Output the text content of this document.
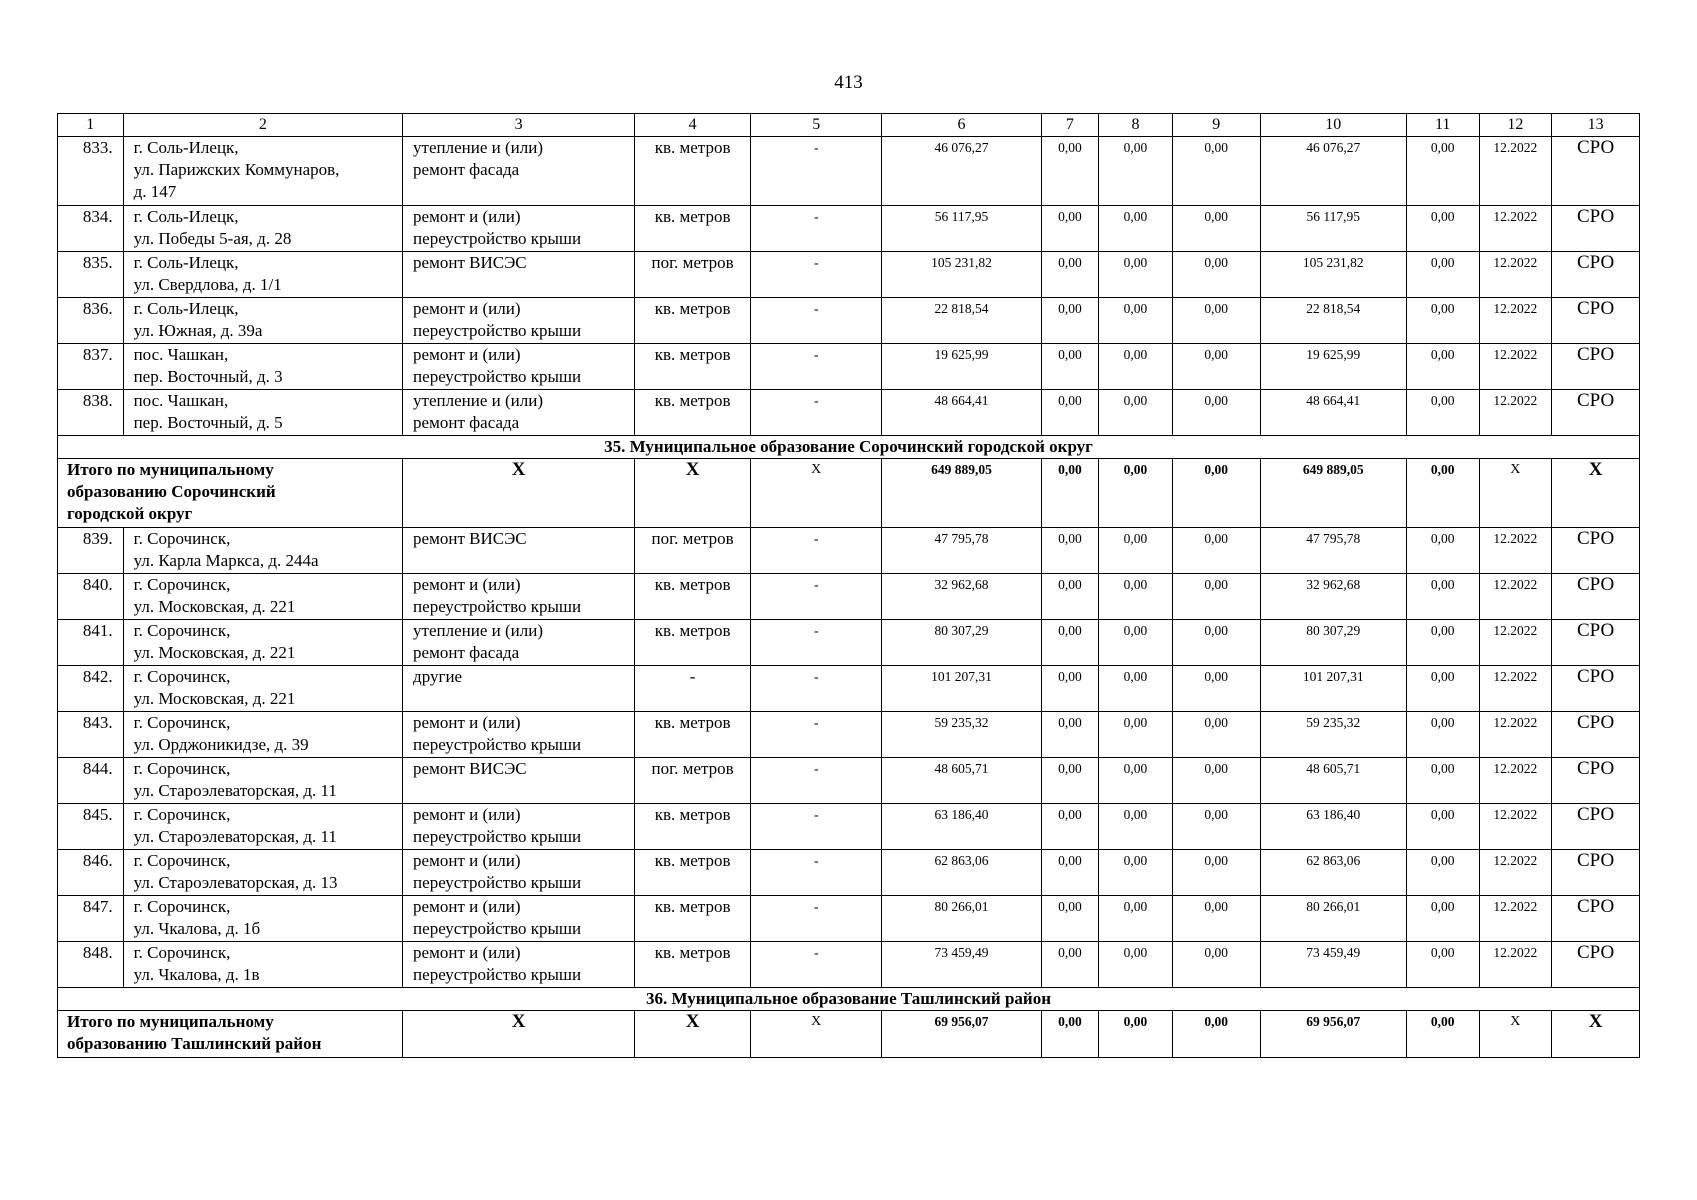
413
1	2	3	4	5	6	7	8	9	10	11	12	13
833.	г. Соль-Илецк,
ул. Парижских Коммунаров,
д. 147	утепление и (или)
ремонт фасада	кв. метров	-	46 076,27	0,00	0,00	0,00	46 076,27	0,00	12.2022	СРО
834.	г. Соль-Илецк,
ул. Победы 5-ая, д. 28	ремонт и (или)
переустройство крыши	кв. метров	-	56 117,95	0,00	0,00	0,00	56 117,95	0,00	12.2022	СРО
835.	г. Соль-Илецк,
ул. Свердлова, д. 1/1	ремонт ВИСЭС	пог. метров	-	105 231,82	0,00	0,00	0,00	105 231,82	0,00	12.2022	СРО
836.	г. Соль-Илецк,
ул. Южная, д. 39а	ремонт и (или)
переустройство крыши	кв. метров	-	22 818,54	0,00	0,00	0,00	22 818,54	0,00	12.2022	СРО
837.	пос. Чашкан,
пер. Восточный, д. 3	ремонт и (или)
переустройство крыши	кв. метров	-	19 625,99	0,00	0,00	0,00	19 625,99	0,00	12.2022	СРО
838.	пос. Чашкан,
пер. Восточный, д. 5	утепление и (или)
ремонт фасада	кв. метров	-	48 664,41	0,00	0,00	0,00	48 664,41	0,00	12.2022	СРО
35. Муниципальное образование Сорочинский городской округ												

Итого по муниципальному
образованию Сорочинский
городской округ		Х	Х	Х	649 889,05	0,00	0,00	0,00	649 889,05	0,00	Х	Х
839.	г. Сорочинск,
ул. Карла Маркса, д. 244а	ремонт ВИСЭС	пог. метров	-	47 795,78	0,00	0,00	0,00	47 795,78	0,00	12.2022	СРО
840.	г. Сорочинск,
ул. Московская, д. 221	ремонт и (или)
переустройство крыши	кв. метров	-	32 962,68	0,00	0,00	0,00	32 962,68	0,00	12.2022	СРО
841.	г. Сорочинск,
ул. Московская, д. 221	утепление и (или)
ремонт фасада	кв. метров	-	80 307,29	0,00	0,00	0,00	80 307,29	0,00	12.2022	СРО
842.	г. Сорочинск,
ул. Московская, д. 221	другие	-	-	101 207,31	0,00	0,00	0,00	101 207,31	0,00	12.2022	СРО
843.	г. Сорочинск,
ул. Орджоникидзе, д. 39	ремонт и (или)
переустройство крыши	кв. метров	-	59 235,32	0,00	0,00	0,00	59 235,32	0,00	12.2022	СРО
844.	г. Сорочинск,
ул. Староэлеваторская, д. 11	ремонт ВИСЭС	пог. метров	-	48 605,71	0,00	0,00	0,00	48 605,71	0,00	12.2022	СРО
845.	г. Сорочинск,
ул. Староэлеваторская, д. 11	ремонт и (или)
переустройство крыши	кв. метров	-	63 186,40	0,00	0,00	0,00	63 186,40	0,00	12.2022	СРО
846.	г. Сорочинск,
ул. Староэлеваторская, д. 13	ремонт и (или)
переустройство крыши	кв. метров	-	62 863,06	0,00	0,00	0,00	62 863,06	0,00	12.2022	СРО
847.	г. Сорочинск,
ул. Чкалова, д. 1б	ремонт и (или)
переустройство крыши	кв. метров	-	80 266,01	0,00	0,00	0,00	80 266,01	0,00	12.2022	СРО
848.	г. Сорочинск,
ул. Чкалова, д. 1в	ремонт и (или)
переустройство крыши	кв. метров	-	73 459,49	0,00	0,00	0,00	73 459,49	0,00	12.2022	СРО
36. Муниципальное образование Ташлинский район												

Итого по муниципальному
образованию Ташлинский район		Х	Х	Х	69 956,07	0,00	0,00	0,00	69 956,07	0,00	Х	Х
